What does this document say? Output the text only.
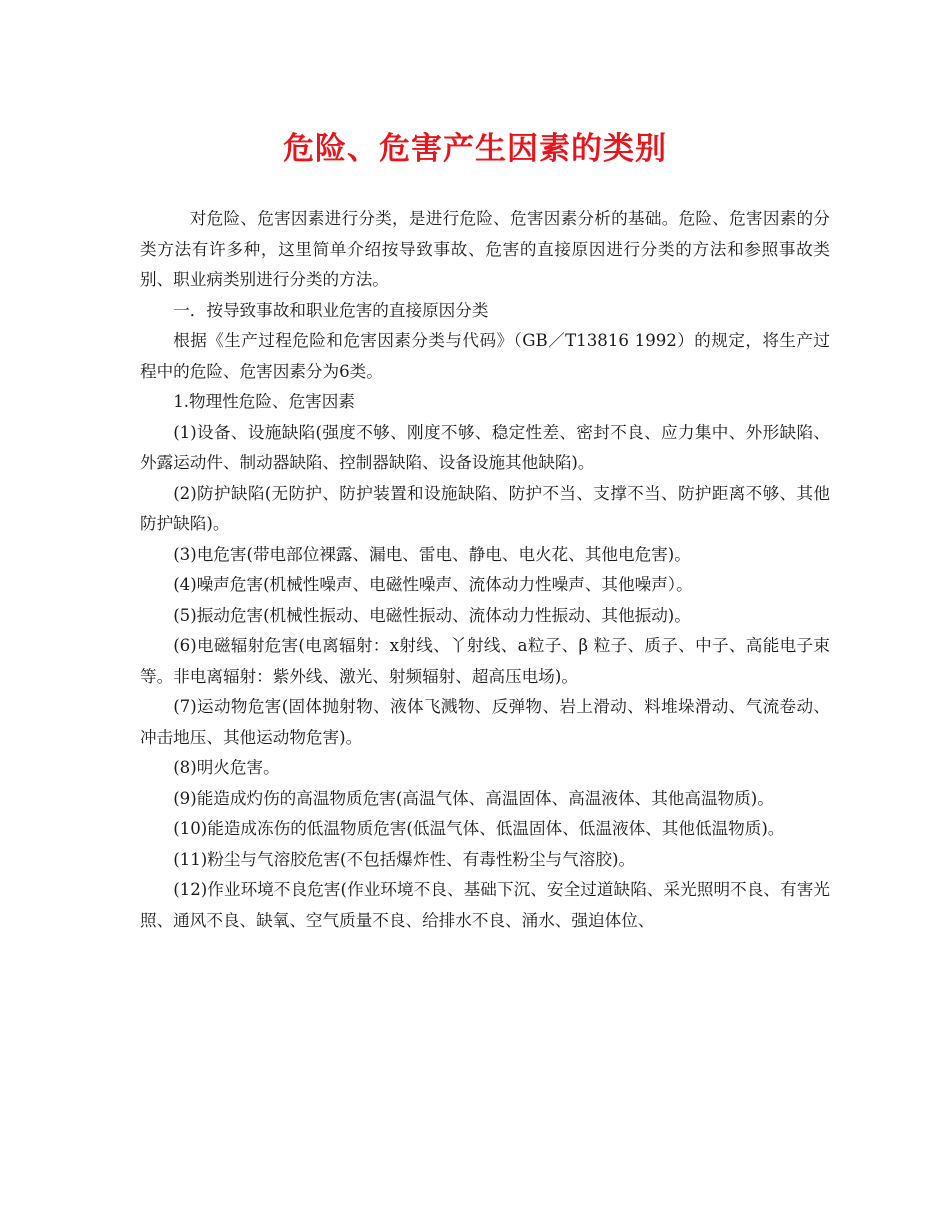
危险、危害产生因素的类别

对危险、危害因素进行分类，是进行危险、危害因素分析的基础。危险、危害因素的分类方法有许多种，这里简单介绍按导致事故、危害的直接原因进行分类的方法和参照事故类别、职业病类别进行分类的方法。

一．按导致事故和职业危害的直接原因分类

根据《生产过程危险和危害因素分类与代码》（GB／T13816 1992）的规定，将生产过程中的危险、危害因素分为6类。

1.物理性危险、危害因素

(1)设备、设施缺陷(强度不够、刚度不够、稳定性差、密封不良、应力集中、外形缺陷、外露运动件、制动器缺陷、控制器缺陷、设备设施其他缺陷)。

(2)防护缺陷(无防护、防护装置和设施缺陷、防护不当、支撑不当、防护距离不够、其他防护缺陷)。

(3)电危害(带电部位裸露、漏电、雷电、静电、电火花、其他电危害)。

(4)噪声危害(机械性噪声、电磁性噪声、流体动力性噪声、其他噪声）。

(5)振动危害(机械性振动、电磁性振动、流体动力性振动、其他振动)。

(6)电磁辐射危害(电离辐射：x射线、丫射线、a粒子、β 粒子、质子、中子、高能电子束等。非电离辐射：紫外线、激光、射频辐射、超高压电场)。

(7)运动物危害(固体抛射物、液体飞溅物、反弹物、岩上滑动、料堆垛滑动、气流卷动、冲击地压、其他运动物危害)。

(8)明火危害。

(9)能造成灼伤的高温物质危害(高温气体、高温固体、高温液体、其他高温物质)。

(10)能造成冻伤的低温物质危害(低温气体、低温固体、低温液体、其他低温物质)。

(11)粉尘与气溶胶危害(不包括爆炸性、有毒性粉尘与气溶胶)。

(12)作业环境不良危害(作业环境不良、基础下沉、安全过道缺陷、采光照明不良、有害光照、通风不良、缺氧、空气质量不良、给排水不良、涌水、强迫体位、
